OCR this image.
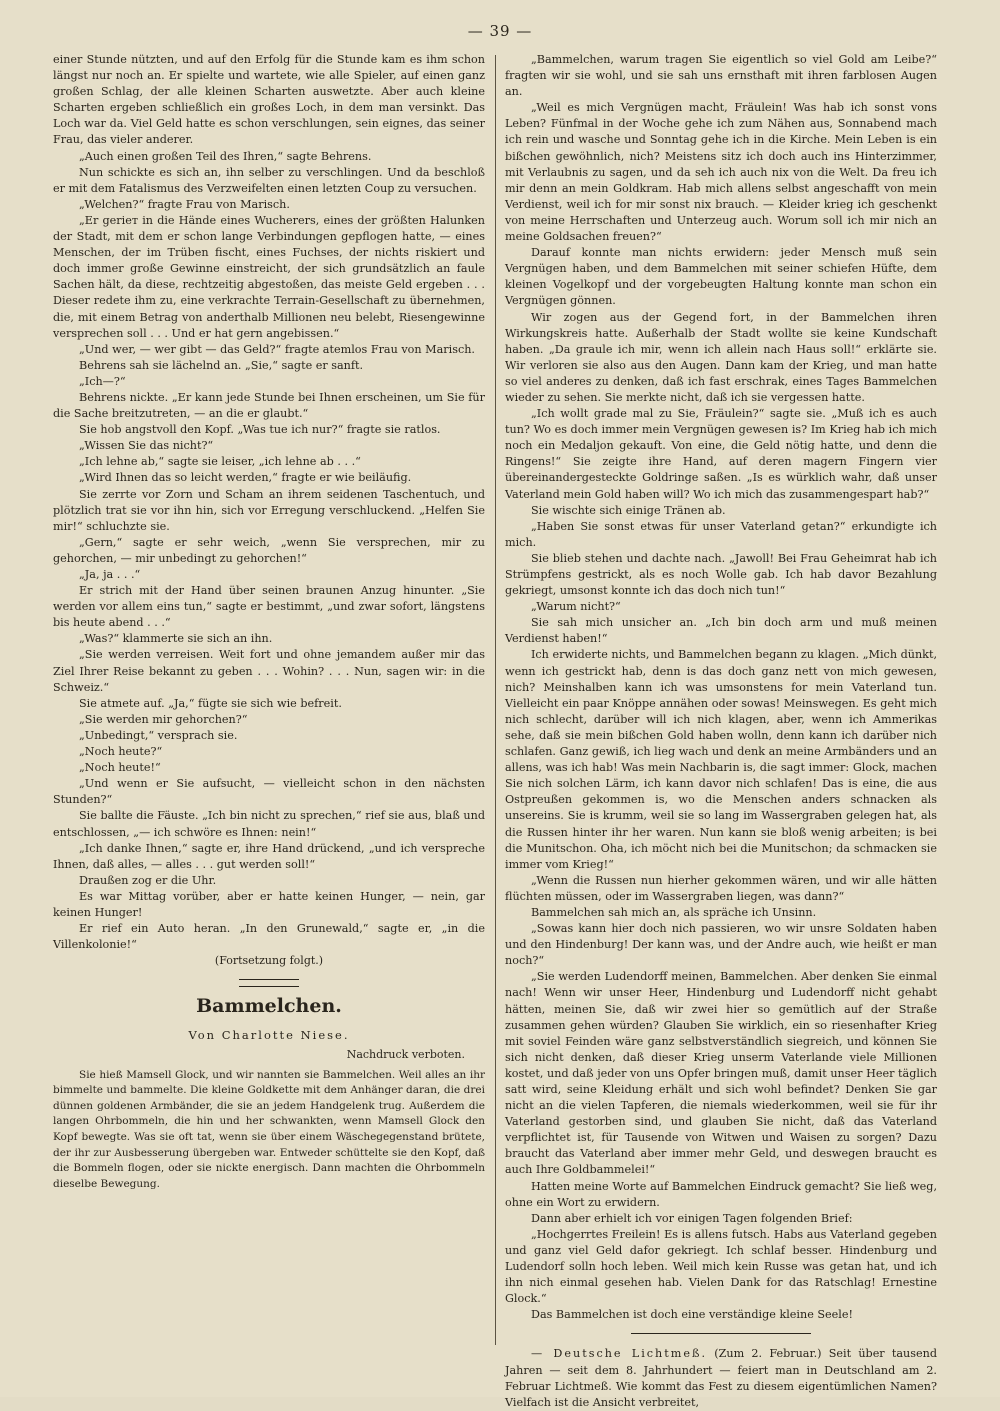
— 39 —

einer Stunde nützten, und auf den Erfolg für die Stunde kam es ihm schon längst nur noch an. Er spielte und wartete, wie alle Spieler, auf einen ganz großen Schlag, der alle kleinen Scharten auswetzte. Aber auch kleine Scharten ergeben schließlich ein großes Loch, in dem man versinkt. Das Loch war da. Viel Geld hatte es schon verschlungen, sein eignes, das seiner Frau, das vieler anderer.

„Auch einen großen Teil des Ihren,“ sagte Behrens.

Nun schickte es sich an, ihn selber zu verschlingen. Und da beschloß er mit dem Fatalismus des Verzweifelten einen letzten Coup zu versuchen.

„Welchen?“ fragte Frau von Marisch.

„Er gerieт in die Hände eines Wucherers, eines der größten Halunken der Stadt, mit dem er schon lange Verbindungen gepflogen hatte, — eines Menschen, der im Trüben fischt, eines Fuchses, der nichts riskiert und doch immer große Gewinne einstreicht, der sich grundsätzlich an faule Sachen hält, da diese, rechtzeitig abgestoßen, das meiste Geld ergeben . . . Dieser redete ihm zu, eine verkrachte Terrain-Gesellschaft zu übernehmen, die, mit einem Betrag von anderthalb Millionen neu belebt, Riesengewinne versprechen soll . . . Und er hat gern angebissen.“

„Und wer, — wer gibt — das Geld?“ fragte atemlos Frau von Marisch.

Behrens sah sie lächelnd an. „Sie,“ sagte er sanft.

„Ich—?“

Behrens nickte. „Er kann jede Stunde bei Ihnen erscheinen, um Sie für die Sache breitzutreten, — an die er glaubt.“

Sie hob angstvoll den Kopf. „Was tue ich nur?“ fragte sie ratlos.

„Wissen Sie das nicht?“

„Ich lehne ab,“ sagte sie leiser, „ich lehne ab . . .“

„Wird Ihnen das so leicht werden,“ fragte er wie beiläufig.

Sie zerrte vor Zorn und Scham an ihrem seidenen Taschentuch, und plötzlich trat sie vor ihn hin, sich vor Erregung verschluckend. „Helfen Sie mir!“ schluchzte sie.

„Gern,“ sagte er sehr weich, „wenn Sie versprechen, mir zu gehorchen, — mir unbedingt zu gehorchen!“

„Ja, ja . . .“

Er strich mit der Hand über seinen braunen Anzug hinunter. „Sie werden vor allem eins tun,“ sagte er bestimmt, „und zwar sofort, längstens bis heute abend . . .“

„Was?“ klammerte sie sich an ihn.

„Sie werden verreisen. Weit fort und ohne jemandem außer mir das Ziel Ihrer Reise bekannt zu geben . . . Wohin? . . . Nun, sagen wir: in die Schweiz.“

Sie atmete auf. „Ja,“ fügte sie sich wie befreit.

„Sie werden mir gehorchen?“

„Unbedingt,“ versprach sie.

„Noch heute?“

„Noch heute!“

„Und wenn er Sie aufsucht, — vielleicht schon in den nächsten Stunden?“

Sie ballte die Fäuste. „Ich bin nicht zu sprechen,“ rief sie aus, blaß und entschlossen, „— ich schwöre es Ihnen: nein!“

„Ich danke Ihnen,“ sagte er, ihre Hand drückend, „und ich verspreche Ihnen, daß alles, — alles . . . gut werden soll!“

Draußen zog er die Uhr.

Es war Mittag vorüber, aber er hatte keinen Hunger, — nein, gar keinen Hunger!

Er rief ein Auto heran. „In den Grunewald,“ sagte er, „in die Villenkolonie!“

(Fortsetzung folgt.)
Bammelchen.
Von Charlotte Niese.
Nachdruck verboten.

Sie hieß Mamsell Glock, und wir nannten sie Bammelchen. Weil alles an ihr bimmelte und bammelte. Die kleine Goldkette mit dem Anhänger daran, die drei dünnen goldenen Armbänder, die sie an jedem Handgelenk trug. Außerdem die langen Ohrbommeln, die hin und her schwankten, wenn Mamsell Glock den Kopf bewegte. Was sie oft tat, wenn sie über einem Wäschegegenstand brütete, der ihr zur Ausbesserung übergeben war. Entweder schüttelte sie den Kopf, daß die Bommeln flogen, oder sie nickte energisch. Dann machten die Ohrbommeln dieselbe Bewegung.

„Bammelchen, warum tragen Sie eigentlich so viel Gold am Leibe?“ fragten wir sie wohl, und sie sah uns ernsthaft mit ihren farblosen Augen an.

„Weil es mich Vergnügen macht, Fräulein! Was hab ich sonst vons Leben? Fünfmal in der Woche gehe ich zum Nähen aus, Sonnabend mach ich rein und wasche und Sonntag gehe ich in die Kirche. Mein Leben is ein bißchen gewöhnlich, nich? Meistens sitz ich doch auch ins Hinterzimmer, mit Verlaubnis zu sagen, und da seh ich auch nix von die Welt. Da freu ich mir denn an mein Goldkram. Hab mich allens selbst angeschafft von mein Verdienst, weil ich for mir sonst nix brauch. — Kleider krieg ich geschenkt von meine Herrschaften und Unterzeug auch. Worum soll ich mir nich an meine Goldsachen freuen?“

Darauf konnte man nichts erwidern: jeder Mensch muß sein Vergnügen haben, und dem Bammelchen mit seiner schiefen Hüfte, dem kleinen Vogelkopf und der vorgebeugten Haltung konnte man schon ein Vergnügen gönnen.

Wir zogen aus der Gegend fort, in der Bammelchen ihren Wirkungskreis hatte. Außerhalb der Stadt wollte sie keine Kundschaft haben. „Da graule ich mir, wenn ich allein nach Haus soll!“ erklärte sie. Wir verloren sie also aus den Augen. Dann kam der Krieg, und man hatte so viel anderes zu denken, daß ich fast erschrak, eines Tages Bammelchen wieder zu sehen. Sie merkte nicht, daß ich sie vergessen hatte.

„Ich wollt grade mal zu Sie, Fräulein?“ sagte sie. „Muß ich es auch tun? Wo es doch immer mein Vergnügen gewesen is? Im Krieg hab ich mich noch ein Medaljon gekauft. Von eine, die Geld nötig hatte, und denn die Ringens!“ Sie zeigte ihre Hand, auf deren magern Fingern vier übereinandergesteckte Goldringe saßen. „Is es würklich wahr, daß unser Vaterland mein Gold haben will? Wo ich mich das zusammengespart hab?“

Sie wischte sich einige Tränen ab.

„Haben Sie sonst etwas für unser Vaterland getan?“ erkundigte ich mich.

Sie blieb stehen und dachte nach. „Jawoll! Bei Frau Geheimrat hab ich Strümpfens gestrickt, als es noch Wolle gab. Ich hab davor Bezahlung gekriegt, umsonst konnte ich das doch nich tun!“

„Warum nicht?“

Sie sah mich unsicher an. „Ich bin doch arm und muß meinen Verdienst haben!“

Ich erwiderte nichts, und Bammelchen begann zu klagen. „Mich dünkt, wenn ich gestrickt hab, denn is das doch ganz nett von mich gewesen, nich? Meinshalben kann ich was umsonstens for mein Vaterland tun. Vielleicht ein paar Knöppe annähen oder sowas! Meinswegen. Es geht mich nich schlecht, darüber will ich nich klagen, aber, wenn ich Ammerikas sehe, daß sie mein bißchen Gold haben wolln, denn kann ich darüber nich schlafen. Ganz gewiß, ich lieg wach und denk an meine Armbänders und an allens, was ich hab! Was mein Nachbarin is, die sagt immer: Glock, machen Sie nich solchen Lärm, ich kann davor nich schlafen! Das is eine, die aus Ostpreußen gekommen is, wo die Menschen anders schnacken als unsereins. Sie is krumm, weil sie so lang im Wassergraben gelegen hat, als die Russen hinter ihr her waren. Nun kann sie bloß wenig arbeiten; is bei die Munitschon. Oha, ich möcht nich bei die Munitschon; da schmacken sie immer vom Krieg!“

„Wenn die Russen nun hierher gekommen wären, und wir alle hätten flüchten müssen, oder im Wassergraben liegen, was dann?“

Bammelchen sah mich an, als spräche ich Unsinn.

„Sowas kann hier doch nich passieren, wo wir unsre Soldaten haben und den Hindenburg! Der kann was, und der Andre auch, wie heißt er man noch?“

„Sie werden Ludendorff meinen, Bammelchen. Aber denken Sie einmal nach! Wenn wir unser Heer, Hindenburg und Ludendorff nicht gehabt hätten, meinen Sie, daß wir zwei hier so gemütlich auf der Straße zusammen gehen würden? Glauben Sie wirklich, ein so riesenhafter Krieg mit soviel Feinden wäre ganz selbstverständlich siegreich, und können Sie sich nicht denken, daß dieser Krieg unserm Vaterlande viele Millionen kostet, und daß jeder von uns Opfer bringen muß, damit unser Heer täglich satt wird, seine Kleidung erhält und sich wohl befindet? Denken Sie gar nicht an die vielen Tapferen, die niemals wiederkommen, weil sie für ihr Vaterland gestorben sind, und glauben Sie nicht, daß das Vaterland verpflichtet ist, für Tausende von Witwen und Waisen zu sorgen? Dazu braucht das Vaterland aber immer mehr Geld, und deswegen braucht es auch Ihre Goldbammelei!“

Hatten meine Worte auf Bammelchen Eindruck gemacht? Sie ließ weg, ohne ein Wort zu erwidern.

Dann aber erhielt ich vor einigen Tagen folgenden Brief:

„Hochgerrtes Freilein! Es is allens futsch. Habs aus Vaterland gegeben und ganz viel Geld dafor gekriegt. Ich schlaf besser. Hindenburg und Ludendorf solln hoch leben. Weil mich kein Russe was getan hat, und ich ihn nich einmal gesehen hab. Vielen Dank for das Ratschlag! Ernestine Glock.“

Das Bammelchen ist doch eine verständige kleine Seele!

— Deutsche Lichtmeß. (Zum 2. Februar.) Seit über tausend Jahren — seit dem 8. Jahrhundert — feiert man in Deutschland am 2. Februar Lichtmeß. Wie kommt das Fest zu diesem eigentümlichen Namen? Vielfach ist die Ansicht verbreitet,
